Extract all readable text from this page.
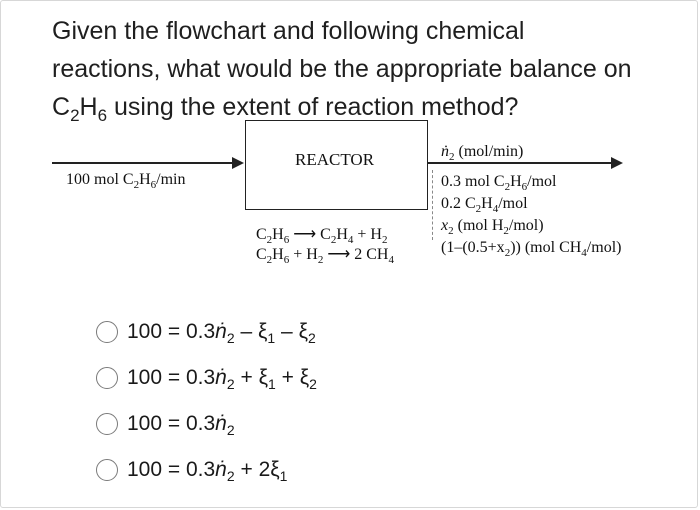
Given the flowchart and following chemical
reactions, what would be the appropriate balance on
$C_2H_6$ using the extent of reaction method?
REACTOR
100 mol $C_2H_6/\min$
$ṅ_2$ (mol/min)
0.3 mol $C_2H_6$/mol
0.2 $C_2H_4$/mol
$x_2$ (mol $H_2/mol$)
$(1-(0.5+x_2))$ (mol $CH_4/mol$)
$C_2H_6$ ⟶ $C_2H_4 + H_2$
$C_2H_6 + H_2$ ⟶ 2 $CH_4$
$100 = 0.3ṅ_2 - \xi_1 - \xi_2$
$100 = 0.3ṅ_2 + \xi_1 + \xi_2$
$100 = 0.3ṅ_2$
$100 = 0.3ṅ_2 + 2\xi_1$
